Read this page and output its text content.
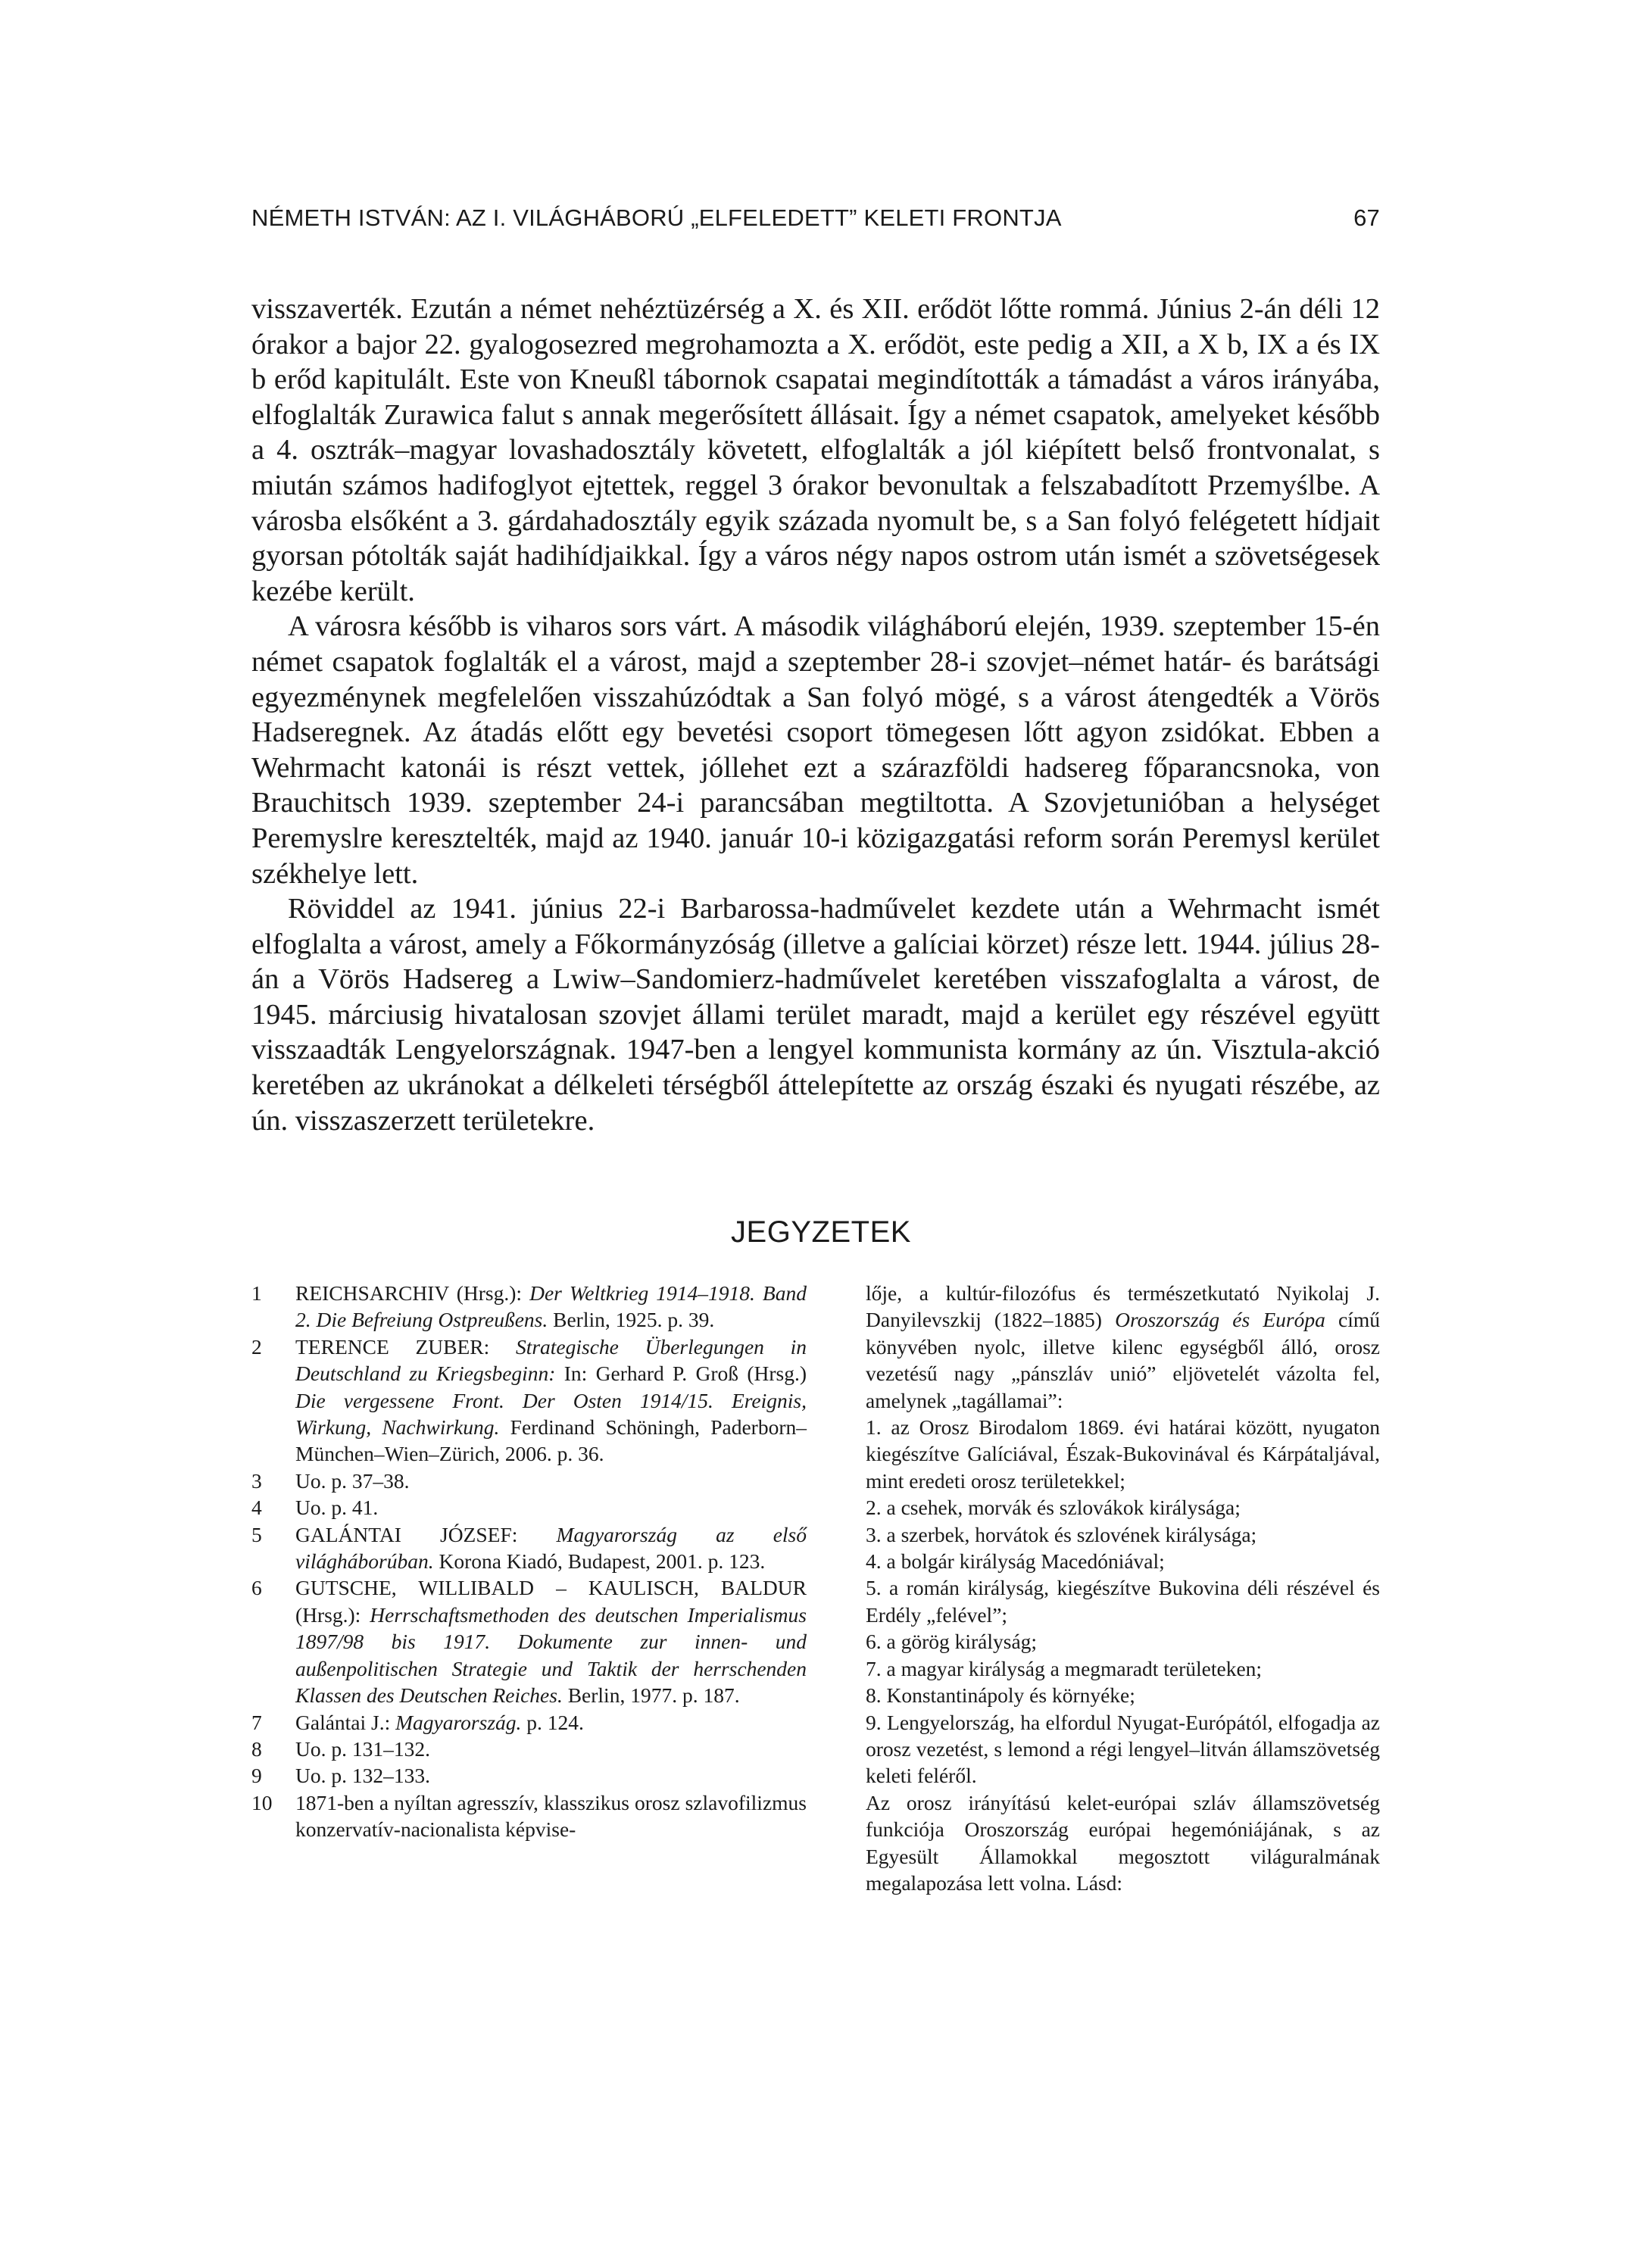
NÉMETH ISTVÁN: AZ I. VILÁGHÁBORÚ „ELFELEDETT” KELETI FRONTJA	67

visszaverték. Ezután a német nehéztüzérség a X. és XII. erődöt lőtte rommá. Június 2-án déli 12 órakor a bajor 22. gyalogosezred megrohamozta a X. erődöt, este pedig a XII, a X b, IX a és IX b erőd kapitulált. Este von Kneußl tábornok csapatai megindították a támadást a város irányába, elfoglalták Zurawica falut s annak megerősített állásait. Így a német csapatok, amelyeket később a 4. osztrák–magyar lovashadosztály követett, elfoglalták a jól kiépített belső frontvonalat, s miután számos hadifoglyot ejtettek, reggel 3 órakor bevonultak a felszabadított Przemyślbe. A városba elsőként a 3. gárdahadosztály egyik százada nyomult be, s a San folyó felégetett hídjait gyorsan pótolták saját hadihídjaikkal. Így a város négy napos ostrom után ismét a szövetségesek kezébe került.

A városra később is viharos sors várt. A második világháború elején, 1939. szeptember 15-én német csapatok foglalták el a várost, majd a szeptember 28-i szovjet–német határ- és barátsági egyezménynek megfelelően visszahúzódtak a San folyó mögé, s a várost átengedték a Vörös Hadseregnek. Az átadás előtt egy bevetési csoport tömegesen lőtt agyon zsidókat. Ebben a Wehrmacht katonái is részt vettek, jóllehet ezt a szárazföldi hadsereg főparancsnoka, von Brauchitsch 1939. szeptember 24-i parancsában megtiltotta. A Szovjetunióban a helységet Peremyslre keresztelték, majd az 1940. január 10-i közigazgatási reform során Peremysl kerület székhelye lett.

Röviddel az 1941. június 22-i Barbarossa-hadművelet kezdete után a Wehrmacht ismét elfoglalta a várost, amely a Főkormányzóság (illetve a galíciai körzet) része lett. 1944. július 28-án a Vörös Hadsereg a Lwiw–Sandomierz-hadművelet keretében visszafoglalta a várost, de 1945. márciusig hivatalosan szovjet állami terület maradt, majd a kerület egy részével együtt visszaadták Lengyelországnak. 1947-ben a lengyel kommunista kormány az ún. Visztula-akció keretében az ukránokat a délkeleti térségből áttelepítette az ország északi és nyugati részébe, az ún. visszaszerzett területekre.

JEGYZETEK
1	REICHSARCHIV (Hrsg.): Der Weltkrieg 1914–1918. Band 2. Die Befreiung Ostpreußens. Berlin, 1925. p. 39.
2	TERENCE ZUBER: Strategische Überlegungen in Deutschland zu Kriegsbeginn: In: Gerhard P. Groß (Hrsg.) Die vergessene Front. Der Osten 1914/15. Ereignis, Wirkung, Nachwirkung. Ferdinand Schöningh, Paderborn–München–Wien–Zürich, 2006. p. 36.
3	Uo. p. 37–38.
4	Uo. p. 41.
5	GALÁNTAI JÓZSEF: Magyarország az első világháborúban. Korona Kiadó, Budapest, 2001. p. 123.
6	GUTSCHE, WILLIBALD – KAULISCH, BALDUR (Hrsg.): Herrschaftsmethoden des deutschen Imperialismus 1897/98 bis 1917. Dokumente zur innen- und außenpolitischen Strategie und Taktik der herrschenden Klassen des Deutschen Reiches. Berlin, 1977. p. 187.
7	Galántai J.: Magyarország. p. 124.
8	Uo. p. 131–132.
9	Uo. p. 132–133.
10	1871-ben a nyíltan agresszív, klasszikus orosz szlavofilizmus konzervatív-nacionalista képvise-
lője, a kultúr-filozófus és természetkutató Nyikolaj J. Danyilevszkij (1822–1885) Oroszország és Európa című könyvében nyolc, illetve kilenc egységből álló, orosz vezetésű nagy „pánszláv unió” eljövetelét vázolta fel, amelynek „tagállamai”:
1. az Orosz Birodalom 1869. évi határai között, nyugaton kiegészítve Galíciával, Észak-Bukovinával és Kárpátaljával, mint eredeti orosz területekkel;
2. a csehek, morvák és szlovákok királysága;
3. a szerbek, horvátok és szlovének királysága;
4. a bolgár királyság Macedóniával;
5. a román királyság, kiegészítve Bukovina déli részével és Erdély „felével”;
6. a görög királyság;
7. a magyar királyság a megmaradt területeken;
8. Konstantinápoly és környéke;
9. Lengyelország, ha elfordul Nyugat-Európától, elfogadja az orosz vezetést, s lemond a régi lengyel–litván államszövetség keleti feléről.
Az orosz irányítású kelet-európai szláv államszövetség funkciója Oroszország európai hegemóniájának, s az Egyesült Államokkal megosztott világuralmának megalapozása lett volna. Lásd:
